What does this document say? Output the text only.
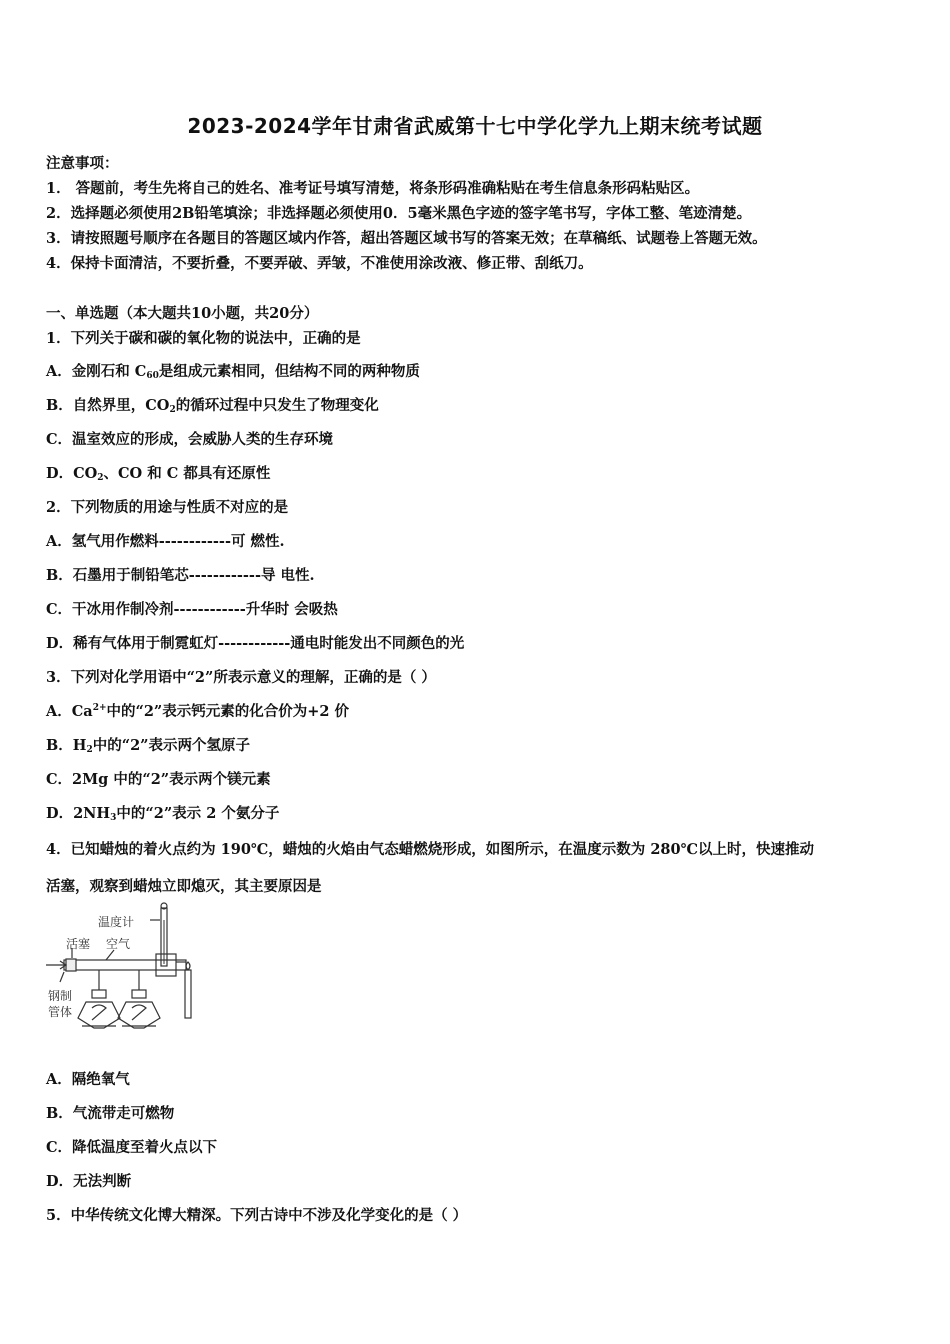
2023-2024学年甘肃省武威第十七中学化学九上期末统考试题
注意事项：
1． 答题前，考生先将自己的姓名、准考证号填写清楚，将条形码准确粘贴在考生信息条形码粘贴区。
2．选择题必须使用2B铅笔填涂；非选择题必须使用0．5毫米黑色字迹的签字笔书写，字体工整、笔迹清楚。
3．请按照题号顺序在各题目的答题区域内作答，超出答题区域书写的答案无效；在草稿纸、试题卷上答题无效。
4．保持卡面清洁，不要折叠，不要弄破、弄皱，不准使用涂改液、修正带、刮纸刀。
一、单选题（本大题共10小题，共20分）
1．下列关于碳和碳的氧化物的说法中，正确的是
A．金刚石和 $C_{60}$是组成元素相同，但结构不同的两种物质
B．自然界里，$CO_2$的循环过程中只发生了物理变化
C．温室效应的形成，会威胁人类的生存环境
D．$CO_2$、CO 和 C 都具有还原性
2．下列物质的用途与性质不对应的是
A．氢气用作燃料------------可 燃性.
B．石墨用于制铅笔芯------------导 电性.
C．干冰用作制冷剂------------升华时 会吸热
D．稀有气体用于制霓虹灯------------通电时能发出不同颜色的光
3．下列对化学用语中“2”所表示意义的理解，正确的是（ ）
A．$Ca^{2+}$中的“2”表示钙元素的化合价为+2 价
B．$H_2$中的“2”表示两个氢原子
C．2Mg 中的“2”表示两个镁元素
D．$2NH_3$中的“2”表示 2 个氨分子
4．已知蜡烛的着火点约为 190℃，蜡烛的火焰由气态蜡燃烧形成，如图所示，在温度示数为 280℃以上时，快速推动
活塞，观察到蜡烛立即熄灭，其主要原因是
温度计
活塞 空气
钢制
管体
A．隔绝氧气
B．气流带走可燃物
C．降低温度至着火点以下
D．无法判断
5．中华传统文化博大精深。下列古诗中不涉及化学变化的是（ ）
